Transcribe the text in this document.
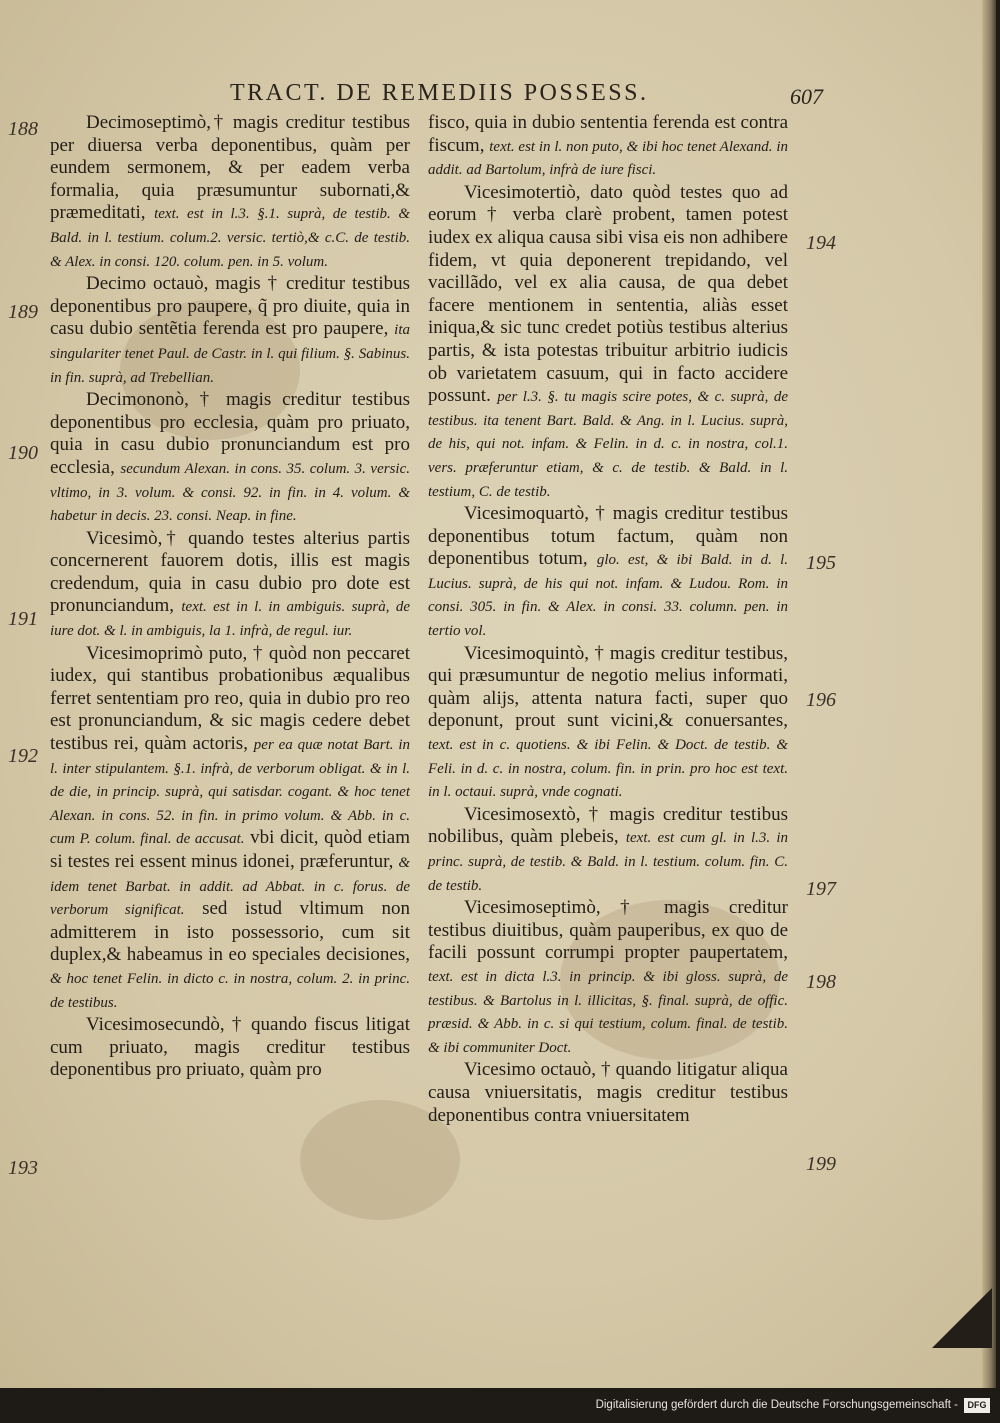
TRACT. DE REMEDIIS POSSESS.	607
188
189
190
191
192
193
194
195
196
197
198
199

Decimoseptimò,† magis creditur testibus per diuersa verba deponentibus, quàm per eundem sermonem, & per eadem verba formalia, quia præsumuntur subornati,& præmeditati, text. est in l.3. §.1. suprà, de testib. & Bald. in l. testium. colum.2. versic. tertiò,& c.C. de testib. & Alex. in consi. 120. colum. pen. in 5. volum.

Decimo octauò, magis † creditur testibus deponentibus pro paupere, q̃ pro diuite, quia in casu dubio sentẽtia ferenda est pro paupere, ita singulariter tenet Paul. de Castr. in l. qui filium. §. Sabinus. in fin. suprà, ad Trebellian.

Decimononò, † magis creditur testibus deponentibus pro ecclesia, quàm pro priuato, quia in casu dubio pronunciandum est pro ecclesia, secundum Alexan. in cons. 35. colum. 3. versic. vltimo, in 3. volum. & consi. 92. in fin. in 4. volum. & habetur in decis. 23. consi. Neap. in fine.

Vicesimò,† quando testes alterius partis concernerent fauorem dotis, illis est magis credendum, quia in casu dubio pro dote est pronunciandum, text. est in l. in ambiguis. suprà, de iure dot. & l. in ambiguis, la 1. infrà, de regul. iur.

Vicesimoprimò puto, † quòd non peccaret iudex, qui stantibus probationibus æqualibus ferret sententiam pro reo, quia in dubio pro reo est pronunciandum, & sic magis cedere debet testibus rei, quàm actoris, per ea quæ notat Bart. in l. inter stipulantem. §.1. infrà, de verborum obligat. & in l. de die, in princip. suprà, qui satisdar. cogant. & hoc tenet Alexan. in cons. 52. in fin. in primo volum. & Abb. in c. cum P. colum. final. de accusat. vbi dicit, quòd etiam si testes rei essent minus idonei, præferuntur, & idem tenet Barbat. in addit. ad Abbat. in c. forus. de verborum significat. sed istud vltimum non admitterem in isto possessorio, cum sit duplex,& habeamus in eo speciales decisiones, & hoc tenet Felin. in dicto c. in nostra, colum. 2. in princ. de testibus.

Vicesimosecundò, † quando fiscus litigat cum priuato, magis creditur testibus deponentibus pro priuato, quàm pro

fisco, quia in dubio sententia ferenda est contra fiscum, text. est in l. non puto, & ibi hoc tenet Alexand. in addit. ad Bartolum, infrà de iure fisci.

Vicesimotertiò, dato quòd testes quo ad eorum † verba clarè probent, tamen potest iudex ex aliqua causa sibi visa eis non adhibere fidem, vt quia deponerent trepidando, vel vacillãdo, vel ex alia causa, de qua debet facere mentionem in sententia, aliàs esset iniqua,& sic tunc credet potiùs testibus alterius partis, & ista potestas tribuitur arbitrio iudicis ob varietatem casuum, qui in facto accidere possunt. per l.3. §. tu magis scire potes, & c. suprà, de testibus. ita tenent Bart. Bald. & Ang. in l. Lucius. suprà, de his, qui not. infam. & Felin. in d. c. in nostra, col.1. vers. præferuntur etiam, & c. de testib. & Bald. in l. testium, C. de testib.

Vicesimoquartò, † magis creditur testibus deponentibus totum factum, quàm non deponentibus totum, glo. est, & ibi Bald. in d. l. Lucius. suprà, de his qui not. infam. & Ludou. Rom. in consi. 305. in fin. & Alex. in consi. 33. column. pen. in tertio vol.

Vicesimoquintò, † magis creditur testibus, qui præsumuntur de negotio melius informati, quàm alijs, attenta natura facti, super quo deponunt, prout sunt vicini,& conuersantes, text. est in c. quotiens. & ibi Felin. & Doct. de testib. & Feli. in d. c. in nostra, colum. fin. in prin. pro hoc est text. in l. octaui. suprà, vnde cognati.

Vicesimosextò, † magis creditur testibus nobilibus, quàm plebeis, text. est cum gl. in l.3. in princ. suprà, de testib. & Bald. in l. testium. colum. fin. C. de testib.

Vicesimoseptimò, † magis creditur testibus diuitibus, quàm pauperibus, ex quo de facili possunt corrumpi propter paupertatem, text. est in dicta l.3. in princip. & ibi gloss. suprà, de testibus. & Bartolus in l. illicitas, §. final. suprà, de offic. præsid. & Abb. in c. si qui testium, colum. final. de testib. & ibi communiter Doct.

Vicesimo octauò, † quando litigatur aliqua causa vniuersitatis, magis creditur testibus deponentibus contra vniuersitatem

Digitalisierung gefördert durch die Deutsche Forschungsgemeinschaft -	DFG
